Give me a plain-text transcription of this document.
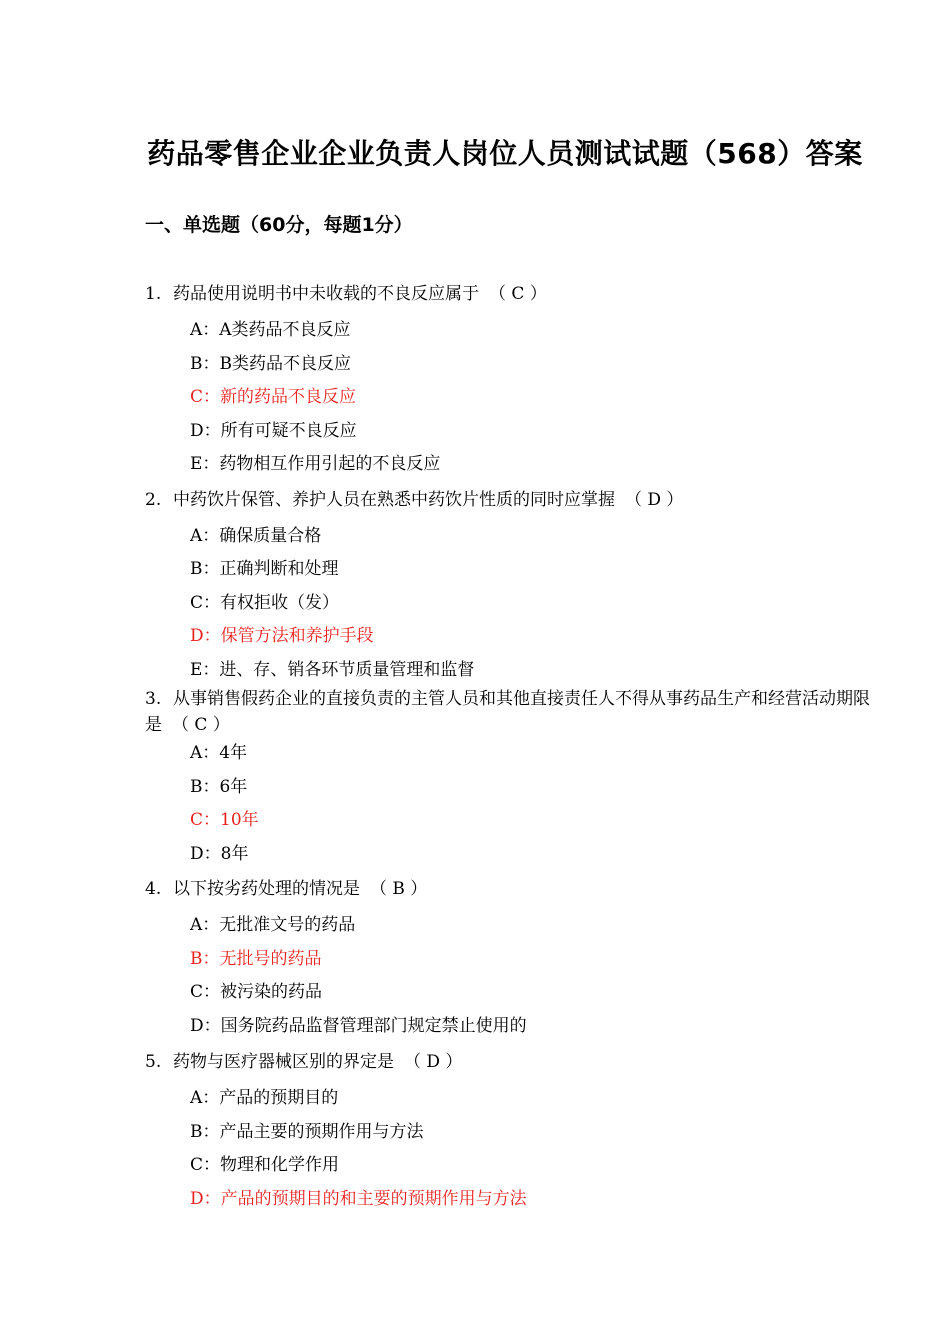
药品零售企业企业负责人岗位人员测试试题（568）答案
一、单选题（60分，每题1分）
1. 药品使用说明书中未收载的不良反应属于 （ C ）
A：A类药品不良反应
B：B类药品不良反应
C：新的药品不良反应
D：所有可疑不良反应
E：药物相互作用引起的不良反应
2. 中药饮片保管、养护人员在熟悉中药饮片性质的同时应掌握 （ D ）
A：确保质量合格
B：正确判断和处理
C：有权拒收（发）
D：保管方法和养护手段
E：进、存、销各环节质量管理和监督
3. 从事销售假药企业的直接负责的主管人员和其他直接责任人不得从事药品生产和经营活动期限是 （ C ）
A：4年
B：6年
C：10年
D：8年
4. 以下按劣药处理的情况是 （ B ）
A：无批准文号的药品
B：无批号的药品
C：被污染的药品
D：国务院药品监督管理部门规定禁止使用的
5. 药物与医疗器械区别的界定是 （ D ）
A：产品的预期目的
B：产品主要的预期作用与方法
C：物理和化学作用
D：产品的预期目的和主要的预期作用与方法
